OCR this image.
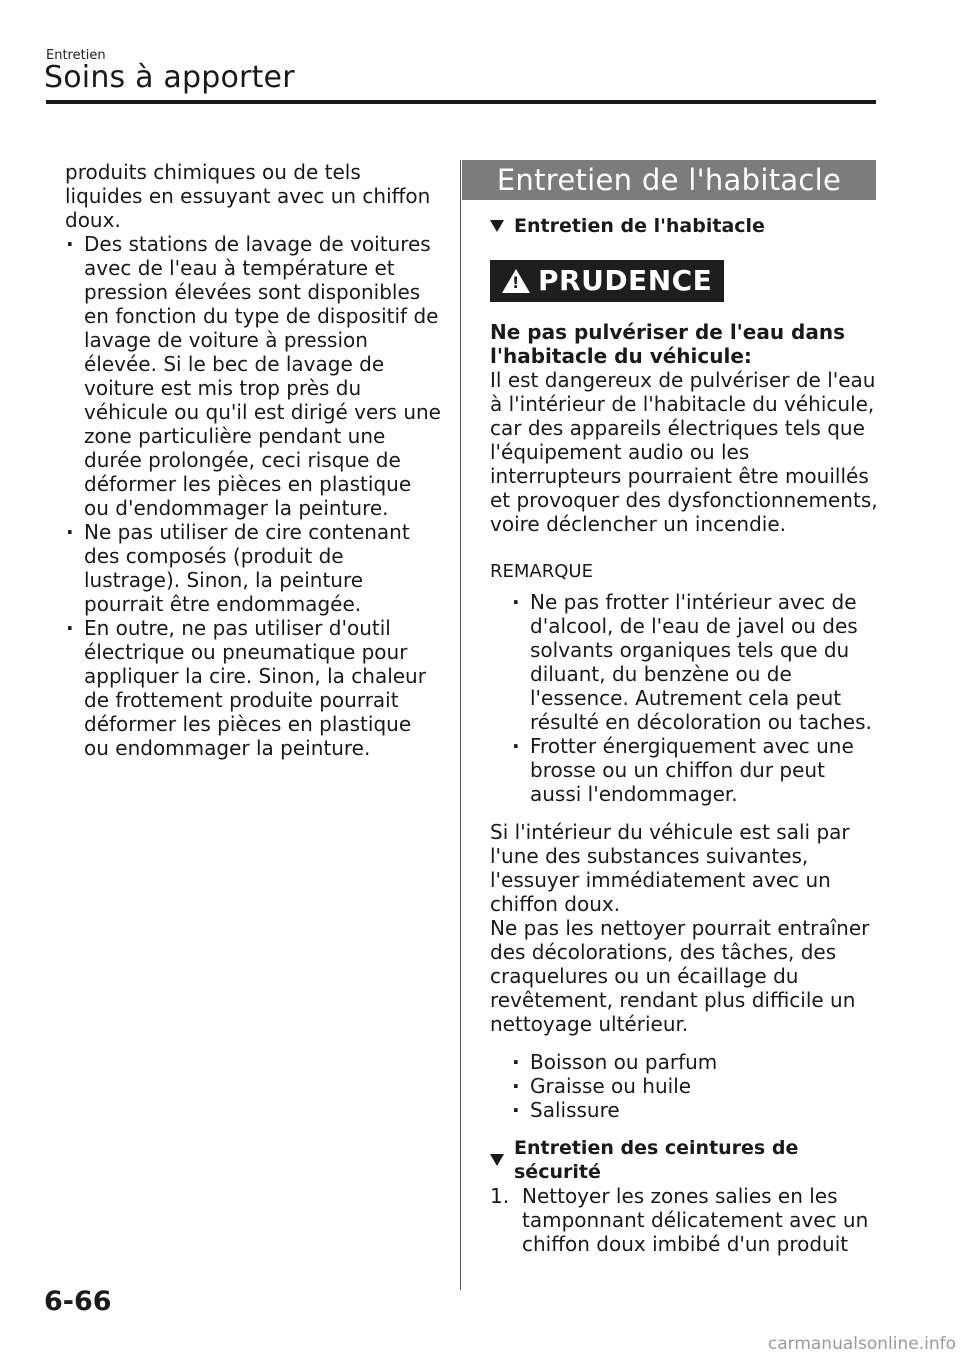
Entretien
Soins à apporter

produits chimiques ou de tels liquides en essuyant avec un chiffon doux.

· Des stations de lavage de voitures avec de l'eau à température et pression élevées sont disponibles en fonction du type de dispositif de lavage de voiture à pression élevée. Si le bec de lavage de voiture est mis trop près du véhicule ou qu'il est dirigé vers une zone particulière pendant une durée prolongée, ceci risque de déformer les pièces en plastique ou d'endommager la peinture.

· Ne pas utiliser de cire contenant des composés (produit de lustrage). Sinon, la peinture pourrait être endommagée.

· En outre, ne pas utiliser d'outil électrique ou pneumatique pour appliquer la cire. Sinon, la chaleur de frottement produite pourrait déformer les pièces en plastique ou endommager la peinture.

Entretien de l'habitacle
Entretien de l'habitacle
! PRUDENCE

Ne pas pulvériser de l'eau dans l'habitacle du véhicule:

Il est dangereux de pulvériser de l'eau à l'intérieur de l'habitacle du véhicule, car des appareils électriques tels que l'équipement audio ou les interrupteurs pourraient être mouillés et provoquer des dysfonctionnements, voire déclencher un incendie.

REMARQUE

· Ne pas frotter l'intérieur avec de d'alcool, de l'eau de javel ou des solvants organiques tels que du diluant, du benzène ou de l'essence. Autrement cela peut résulté en décoloration ou taches.

· Frotter énergiquement avec une brosse ou un chiffon dur peut aussi l'endommager.

Si l'intérieur du véhicule est sali par l'une des substances suivantes, l'essuyer immédiatement avec un chiffon doux.

Ne pas les nettoyer pourrait entraîner des décolorations, des tâches, des craquelures ou un écaillage du revêtement, rendant plus difficile un nettoyage ultérieur.

· Boisson ou parfum

· Graisse ou huile

· Salissure

Entretien des ceintures de sécurité

1. Nettoyer les zones salies en les tamponnant délicatement avec un chiffon doux imbibé d'un produit

6-66
carmanualsonline.info
